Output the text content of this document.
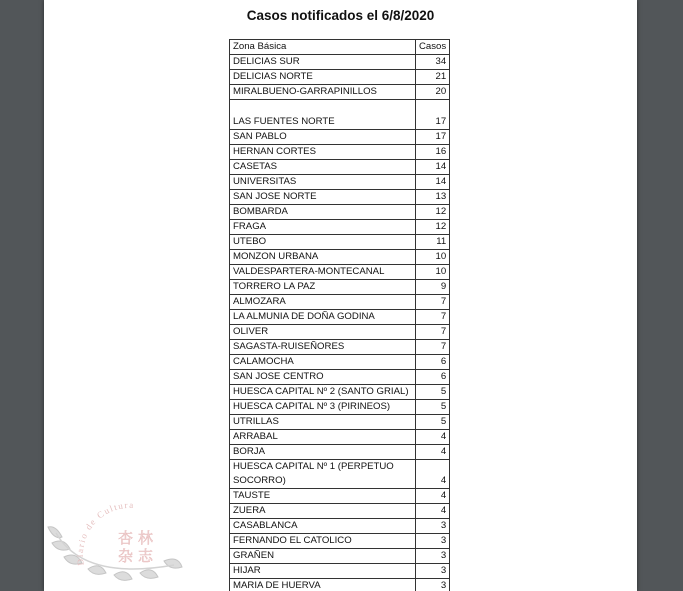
Casos notificados el 6/8/2020
Zona Básica	Casos
DELICIAS SUR	34
DELICIAS NORTE	21
MIRALBUENO-GARRAPINILLOS	20
LAS FUENTES NORTE	17
SAN PABLO	17
HERNAN CORTES	16
CASETAS	14
UNIVERSITAS	14
SAN JOSE NORTE	13
BOMBARDA	12
FRAGA	12
UTEBO	11
MONZON URBANA	10
VALDESPARTERA-MONTECANAL	10
TORRERO LA PAZ	9
ALMOZARA	7
LA ALMUNIA DE DOÑA GODINA	7
OLIVER	7
SAGASTA-RUISEÑORES	7
CALAMOCHA	6
SAN JOSE CENTRO	6
HUESCA CAPITAL Nº 2 (SANTO GRIAL)	5
HUESCA CAPITAL Nº 3 (PIRINEOS)	5
UTRILLAS	5
ARRABAL	4
BORJA	4
HUESCA CAPITAL Nº 1 (PERPETUO SOCORRO)	4
TAUSTE	4
ZUERA	4
CASABLANCA	3
FERNANDO EL CATOLICO	3
GRAÑEN	3
HIJAR	3
MARIA DE HUERVA	3
Diario de Cultura
杏 林
杂 志
